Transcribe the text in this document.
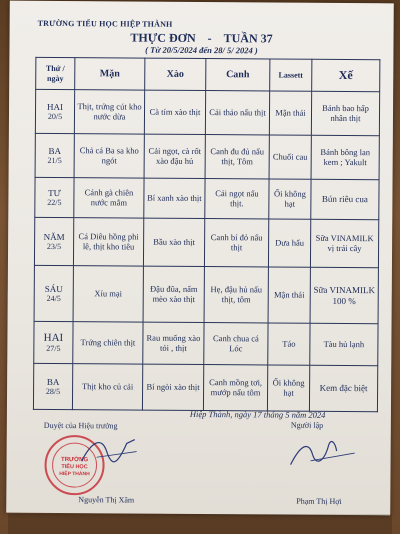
TRƯỜNG TIỂU HỌC HIỆP THÀNH
THỰC ĐƠN - TUẦN 37
( Từ 20/5/2024 đến 28/ 5/ 2024 )
Thứ / ngày	Mặn	Xào	Canh	Lassett	Xế

HAI
20/5	Thịt, trứng cút kho nước dừa	Cà tím xào thịt	Cải thảo nấu thịt	Mận thái	Bánh bao hấp nhân thịt

BA
21/5	Chả cá Ba sa kho ngót	Cải ngọt, cà rốt xào đậu hủ	Canh đu đủ nấu thịt, Tôm	Chuối cau	Bánh bông lan kem ; Yakult

TƯ
22/5	Cánh gà chiên nước mắm	Bí xanh xào thịt	Cải ngọt nấu thịt.	Ổi không hạt	Bún riêu cua

NĂM
23/5	Cá Diêu hồng phi lê, thịt kho tiêu	Bầu xào thịt	Canh bí đỏ nấu thịt	Dưa hấu	Sữa VINAMILK vị trái cây

SÁU
24/5	Xíu mại	Đậu đũa, nấm mèo xào thịt	Hẹ, đậu hủ nấu thịt, tôm	Mận thái	Sữa VINAMILK 100 %

HAI
27/5	Trứng chiên thịt	Rau muống xào tỏi , thịt	Canh chua cá Lóc	Táo	Tàu hủ lạnh

BA
28/5	Thịt kho củ cải	Bí ngòi xào thịt	Canh mồng tơi, mướp nấu tôm	Ổi không hạt	Kem đặc biệt
Hiệp Thành, ngày 17 tháng 5 năm 2024
Duyệt của Hiệu trưởng	Người lập
TRƯỜNG
TIỂU HỌC
HIỆP THÀNH
Nguyễn Thị Xâm	Phạm Thị Hợi
